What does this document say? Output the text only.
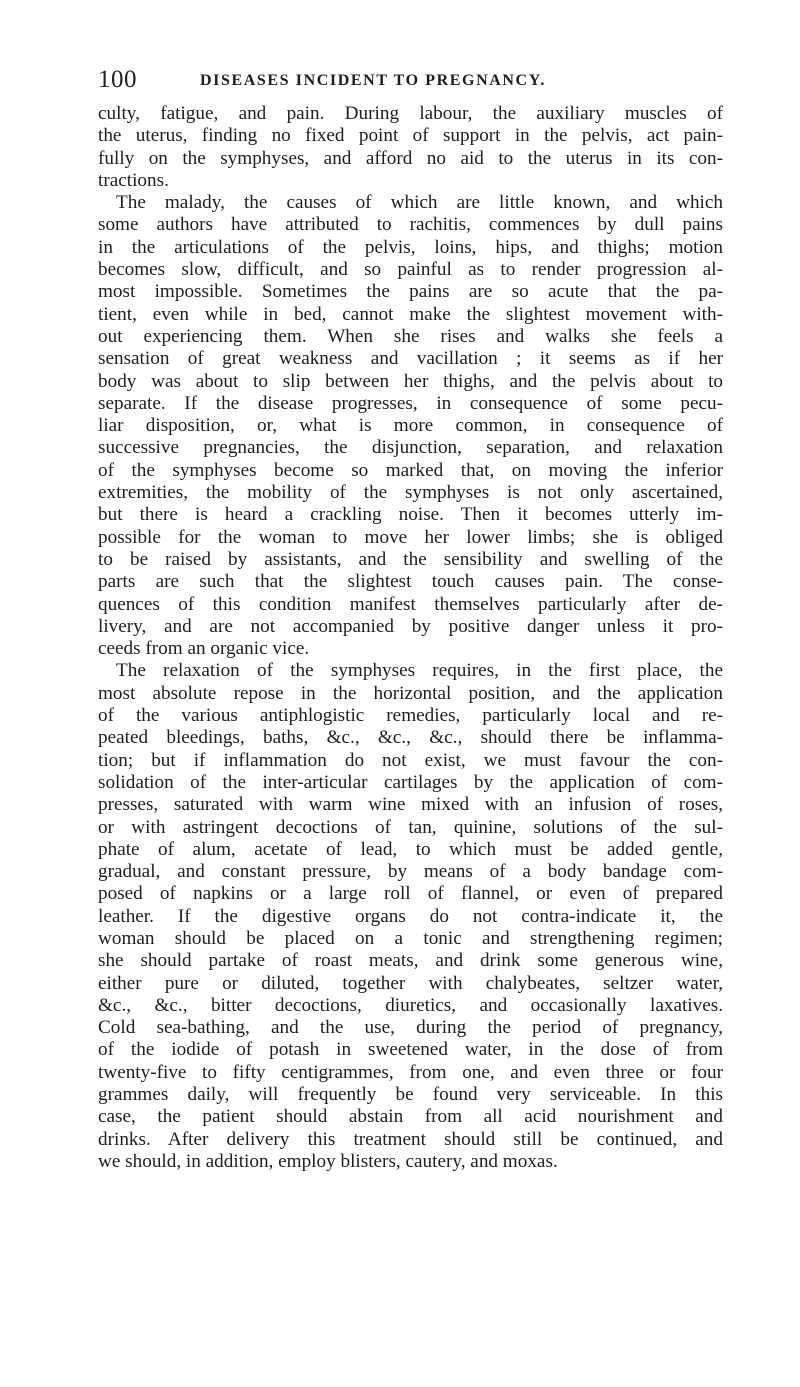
100	DISEASES INCIDENT TO PREGNANCY.
culty, fatigue, and pain. During labour, the auxiliary muscles of
the uterus, finding no fixed point of support in the pelvis, act pain-
fully on the symphyses, and afford no aid to the uterus in its con-
tractions.
The malady, the causes of which are little known, and which
some authors have attributed to rachitis, commences by dull pains
in the articulations of the pelvis, loins, hips, and thighs; motion
becomes slow, difficult, and so painful as to render progression al-
most impossible. Sometimes the pains are so acute that the pa-
tient, even while in bed, cannot make the slightest movement with-
out experiencing them. When she rises and walks she feels a
sensation of great weakness and vacillation ; it seems as if her
body was about to slip between her thighs, and the pelvis about to
separate. If the disease progresses, in consequence of some pecu-
liar disposition, or, what is more common, in consequence of
successive pregnancies, the disjunction, separation, and relaxation
of the symphyses become so marked that, on moving the inferior
extremities, the mobility of the symphyses is not only ascertained,
but there is heard a crackling noise. Then it becomes utterly im-
possible for the woman to move her lower limbs; she is obliged
to be raised by assistants, and the sensibility and swelling of the
parts are such that the slightest touch causes pain. The conse-
quences of this condition manifest themselves particularly after de-
livery, and are not accompanied by positive danger unless it pro-
ceeds from an organic vice.
The relaxation of the symphyses requires, in the first place, the
most absolute repose in the horizontal position, and the application
of the various antiphlogistic remedies, particularly local and re-
peated bleedings, baths, &c., &c., &c., should there be inflamma-
tion; but if inflammation do not exist, we must favour the con-
solidation of the inter-articular cartilages by the application of com-
presses, saturated with warm wine mixed with an infusion of roses,
or with astringent decoctions of tan, quinine, solutions of the sul-
phate of alum, acetate of lead, to which must be added gentle,
gradual, and constant pressure, by means of a body bandage com-
posed of napkins or a large roll of flannel, or even of prepared
leather. If the digestive organs do not contra-indicate it, the
woman should be placed on a tonic and strengthening regimen;
she should partake of roast meats, and drink some generous wine,
either pure or diluted, together with chalybeates, seltzer water,
&c., &c., bitter decoctions, diuretics, and occasionally laxatives.
Cold sea-bathing, and the use, during the period of pregnancy,
of the iodide of potash in sweetened water, in the dose of from
twenty-five to fifty centigrammes, from one, and even three or four
grammes daily, will frequently be found very serviceable. In this
case, the patient should abstain from all acid nourishment and
drinks. After delivery this treatment should still be continued, and
we should, in addition, employ blisters, cautery, and moxas.
